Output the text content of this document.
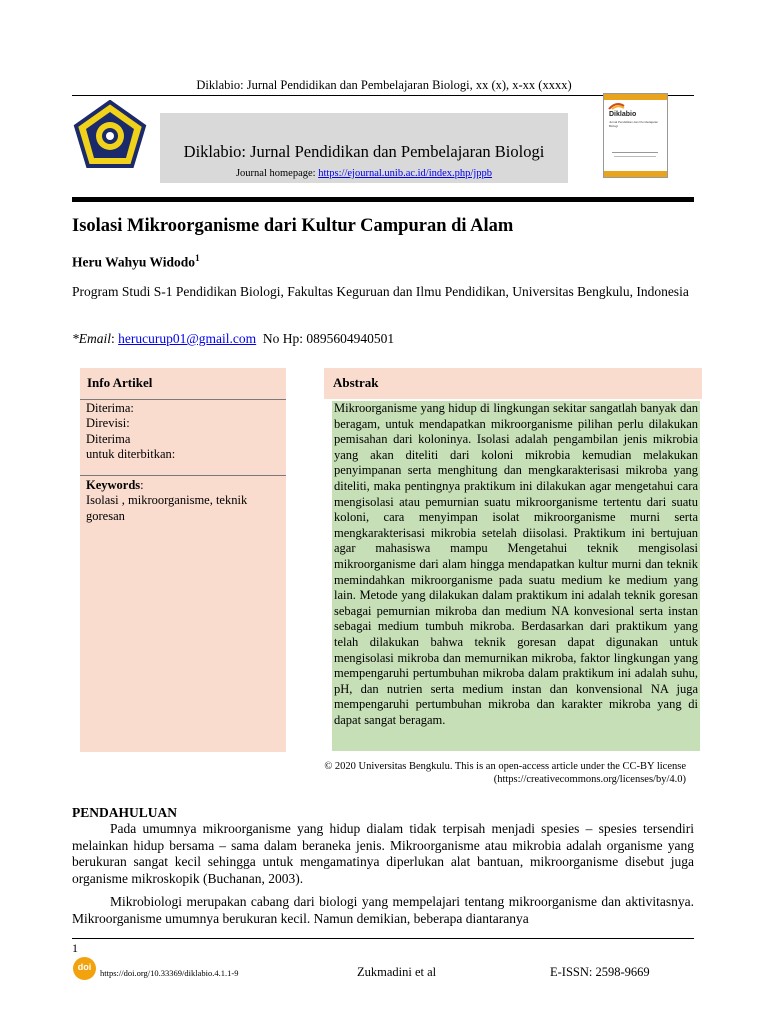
Diklabio: Jurnal Pendidikan dan Pembelajaran Biologi, xx (x), x-xx (xxxx)
Diklabio: Jurnal Pendidikan dan Pembelajaran Biologi
Journal homepage: https://ejournal.unib.ac.id/index.php/jppb
Diklabio
Jurnal Pendidikan dan Pembelajaran Biologi
Isolasi Mikroorganisme dari Kultur Campuran di Alam
Heru Wahyu Widodo$^1$
Program Studi S-1 Pendidikan Biologi, Fakultas Keguruan dan Ilmu Pendidikan, Universitas Bengkulu, Indonesia
*Email: herucurup01@gmail.com No Hp: 0895604940501
Info Artikel	Abstrak
Diterima:
Direvisi:
Diterima
untuk diterbitkan:
Keywords:
Isolasi , mikroorganisme, teknik goresan
Mikroorganisme yang hidup di lingkungan sekitar sangatlah banyak dan beragam, untuk mendapatkan mikroorganisme pilihan perlu dilakukan pemisahan dari koloninya. Isolasi adalah pengambilan jenis mikrobia yang akan diteliti dari koloni mikrobia kemudian melakukan penyimpanan serta menghitung dan mengkarakterisasi mikroba yang diteliti, maka pentingnya praktikum ini dilakukan agar mengetahui cara mengisolasi atau pemurnian suatu mikroorganisme tertentu dari suatu koloni, cara menyimpan isolat mikroorganisme murni serta mengkarakterisasi mikrobia setelah diisolasi. Praktikum ini bertujuan agar mahasiswa mampu Mengetahui teknik mengisolasi mikroorganisme dari alam hingga mendapatkan kultur murni dan teknik memindahkan mikroorganisme pada suatu medium ke medium yang lain. Metode yang dilakukan dalam praktikum ini adalah teknik goresan sebagai pemurnian mikroba dan medium NA konvesional serta instan sebagai medium tumbuh mikroba. Berdasarkan dari praktikum yang telah dilakukan bahwa teknik goresan dapat digunakan untuk mengisolasi mikroba dan memurnikan mikroba, faktor lingkungan yang mempengaruhi pertumbuhan mikroba dalam praktikum ini adalah suhu, pH, dan nutrien serta medium instan dan konvensional NA juga mempengaruhi pertumbuhan mikroba dan karakter mikroba yang di dapat sangat beragam.
© 2020 Universitas Bengkulu. This is an open-access article under the CC-BY license
(https://creativecommons.org/licenses/by/4.0)
PENDAHULUAN

Pada umumnya mikroorganisme yang hidup dialam tidak terpisah menjadi spesies – spesies tersendiri melainkan hidup bersama – sama dalam beraneka jenis. Mikroorganisme atau mikrobia adalah organisme yang berukuran sangat kecil sehingga untuk mengamatinya diperlukan alat bantuan, mikroorganisme disebut juga organisme mikroskopik (Buchanan, 2003).

Mikrobiologi merupakan cabang dari biologi yang mempelajari tentang mikroorganisme dan aktivitasnya. Mikroorganisme umumnya berukuran kecil. Namun demikian, beberapa diantaranya

1
doi
https://doi.org/10.33369/diklabio.4.1.1-9	Zukmadini et al	E-ISSN: 2598-9669
